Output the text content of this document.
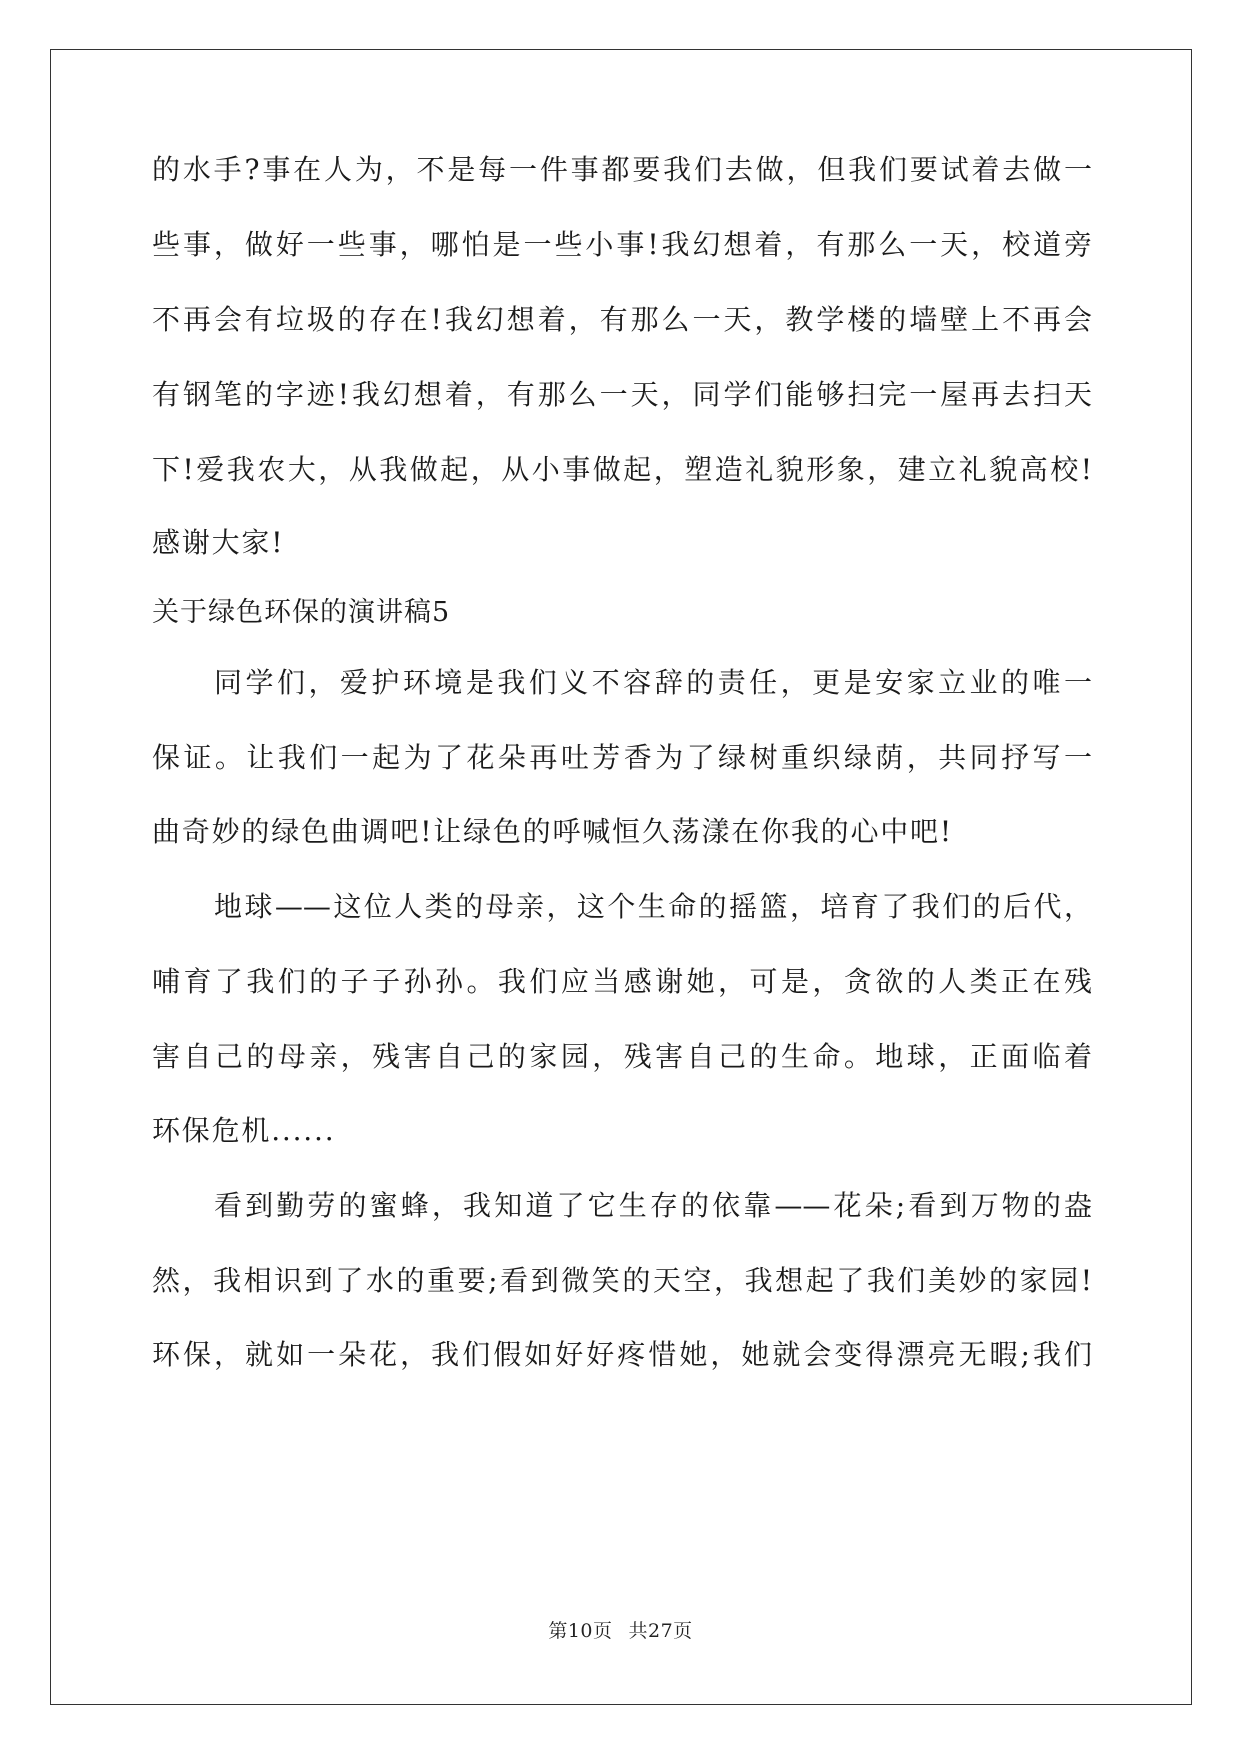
的水手?事在人为，不是每一件事都要我们去做，但我们要试着去做一
些事，做好一些事，哪怕是一些小事!我幻想着，有那么一天，校道旁
不再会有垃圾的存在!我幻想着，有那么一天，教学楼的墙壁上不再会
有钢笔的字迹!我幻想着，有那么一天，同学们能够扫完一屋再去扫天
下!爱我农大，从我做起，从小事做起，塑造礼貌形象，建立礼貌高校!
感谢大家!
关于绿色环保的演讲稿5
同学们，爱护环境是我们义不容辞的责任，更是安家立业的唯一
保证。让我们一起为了花朵再吐芳香为了绿树重织绿荫，共同抒写一
曲奇妙的绿色曲调吧!让绿色的呼喊恒久荡漾在你我的心中吧!
地球——这位人类的母亲，这个生命的摇篮，培育了我们的后代，
哺育了我们的子子孙孙。我们应当感谢她，可是，贪欲的人类正在残
害自己的母亲，残害自己的家园，残害自己的生命。地球，正面临着
环保危机......
看到勤劳的蜜蜂，我知道了它生存的依靠——花朵;看到万物的盎
然，我相识到了水的重要;看到微笑的天空，我想起了我们美妙的家园!
环保，就如一朵花，我们假如好好疼惜她，她就会变得漂亮无暇;我们
第10页 共27页
